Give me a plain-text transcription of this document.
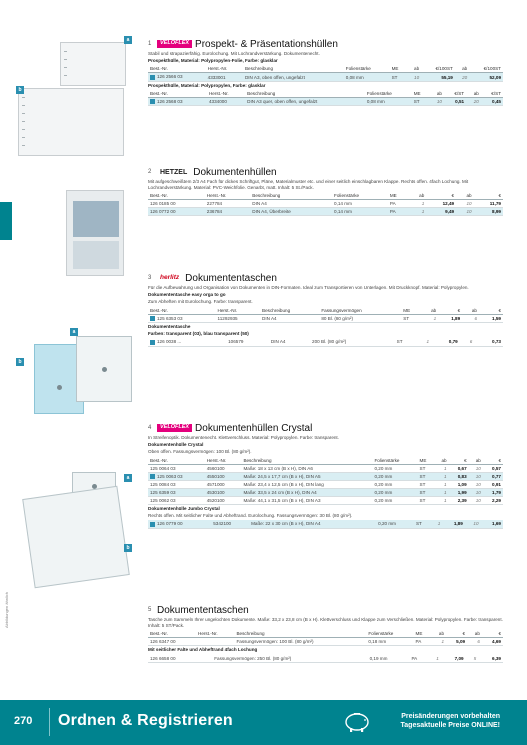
Abbildungen ähnlich
a
b
a
b
a
b
1	VELOFLEX Prospekt- & Präsentationshüllen
Stabil und strapazierfähig. Eurolochung. Mit Lochrandverstärkung. Dokumentenecht.
Prospekthülle, Material: Polypropylen-Folie, Farbe: glasklar
Best.-Nr.	Herst.-Nr.	Beschreibung	Folienstärke	ME	ab	€/100ST	ab	€/100ST
126 2566 03	4333001	DIN A3, oben offen, ungefalzt	0,08 mm	ST	10	55,19	20	52,09
Prospekthülle, Material: Polypropylen, Farbe: glasklar
Best.-Nr.	Herst.-Nr.	Beschreibung	Folienstärke	ME	ab	€/ST	ab	€/ST
126 2568 03	4334000	DIN A3 quer, oben offen, ungefalzt	0,08 mm	ST	10	0,51	20	0,45
2	HETZEL Dokumentenhüllen
Mit aufgeschweißtem 2/3 A4 Fach für dickes Schriftgut, Pläne, Materialmuster etc. und einer seitlich einschlagbaren Klappe. Rechts offen. 4fach Lochung. Mit Lochrandverstärkung. Material: PVC-Weichfolie. Genarbt, matt. Inhalt: 5 St./Pack.
Best.-Nr.	Herst.-Nr.	Beschreibung	Folienstärke	ME	ab	€	ab	€
126 0185 00	227784	DIN A4	0,14 mm	PA	1	12,49	10	11,79
126 0772 00	236784	DIN A4, Überbreite	0,14 mm	PA	1	9,49	10	8,99
3	herlitz Dokumententaschen
Für die Aufbewahrung und Organisation von Dokumenten in DIN-Formaten. Ideal zum Transportieren von Unterlagen. Mit Druckknopf. Material: Polypropylen.
Dokumententasche easy orga to go
Zum Abheften mit Eurolochung. Farbe: transparent.
Best.-Nr.	Herst.-Nr.	Beschreibung	Fassungsvermögen	ME	ab	€	ab	€
125 6353 03	11292935	DIN A4	80 Bl. (80 g/m²)	ST	1	1,89	6	1,59
Dokumententasche
Farben: transparent (03), blau transparent (50)
126 0038 ...	106579	DIN A4	200 Bl. (80 g/m²)	ST	1	0,79	6	0,73
4	VELOFLEX Dokumentenhüllen Crystal
In Streifenoptik. Dokumentenecht. Klettverschluss. Material: Polypropylen. Farbe: transparent.
Dokumentenhülle Crystal
Oben offen. Fassungsvermögen: 100 Bl. (80 g/m²).
Best.-Nr.	Herst.-Nr.	Beschreibung	Folienstärke	ME	ab	€	ab	€
125 0064 03	4560100	Maße: 18 x 13 cm (B x H), DIN A6	0,20 mm	ST	1	0,67	10	0,57
125 0063 03	4550100	Maße: 24,5 x 17,7 cm (B x H), DIN A5	0,20 mm	ST	1	0,83	10	0,77
125 0084 03	4571000	Maße: 23,4 x 12,5 cm (B x H), DIN lang	0,20 mm	ST	1	1,09	10	0,91
125 6359 03	4530100	Maße: 33,5 x 24 cm (B x H), DIN A4	0,20 mm	ST	1	1,99	10	1,79
125 0062 03	4520100	Maße: 44,1 x 31,5 cm (B x H), DIN A3	0,20 mm	ST	1	2,39	10	2,29
Dokumentenhülle Jumbo Crystal
Rechts offen. Mit seitlicher Falte und Abheftrand. Eurolochung. Fassungsvermögen: 30 Bl. (80 g/m²).
126 0779 00	5342100	Maße: 22 x 30 cm (B x H), DIN A4	0,20 mm	ST	1	1,89	10	1,69
5 Dokumententaschen
Tasche zum Sammeln Ihrer ungelochten Dokumente. Maße: 33,2 x 23,8 cm (B x H). Klettverschluss und Klappe zum Verschließen. Material: Polypropylen. Farbe: transparent. Inhalt: 5 ST/Pack.
Best.-Nr.	Herst.-Nr.	Beschreibung	Folienstärke	ME	ab	€	ab	€
126 6347 00		Fassungsvermögen: 100 Bl. (80 g/m²)	0,18 mm	PA	1	5,09	6	4,69
Mit seitlicher Falte und Abheftrand 4fach Lochung
126 6658 00		Fassungsvermögen: 250 Bl. (80 g/m²)	0,19 mm	PA	1	7,09	5	6,39
270 Ordnen & Registrieren	Preisänderungen vorbehalten
Tagesaktuelle Preise ONLINE!
